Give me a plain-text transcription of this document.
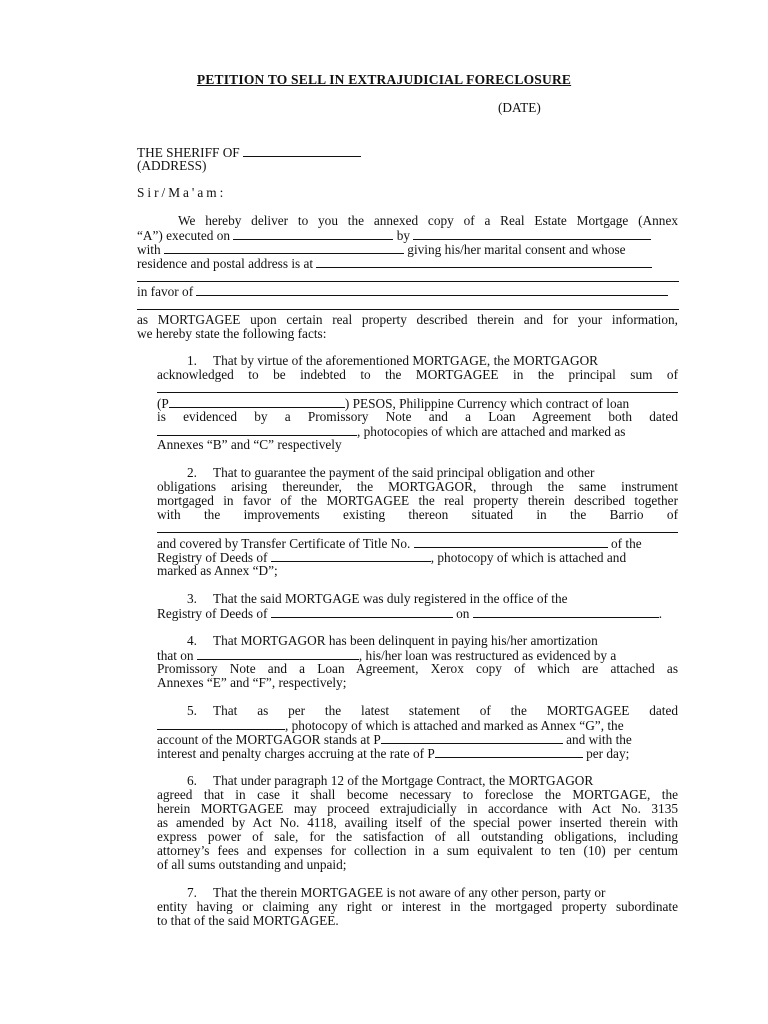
PETITION TO SELL IN EXTRAJUDICIAL FORECLOSURE
(DATE)
THE SHERIFF OF
(ADDRESS)
Sir/Ma'am:
We hereby deliver to you the annexed copy of a Real Estate Mortgage (Annex
“A”) executed on	by
with	giving his/her marital consent and whose
residence and postal address is at
in favor of
as MORTGAGEE upon certain real property described therein and for your information,
we hereby state the following facts:
1. That by virtue of the aforementioned MORTGAGE, the MORTGAGOR
acknowledged to be indebted to the MORTGAGEE in the principal sum of
(P	) PESOS, Philippine Currency which contract of loan
is evidenced by a Promissory Note and a Loan Agreement both dated
, photocopies of which are attached and marked as
Annexes “B” and “C” respectively
2. That to guarantee the payment of the said principal obligation and other
obligations arising thereunder, the MORTGAGOR, through the same instrument
mortgaged in favor of the MORTGAGEE the real property therein described together
with the improvements existing thereon situated in the Barrio of
and covered by Transfer Certificate of Title No.	of the
Registry of Deeds of	, photocopy of which is attached and
marked as Annex “D”;
3. That the said MORTGAGE was duly registered in the office of the
Registry of Deeds of	on	.
4. That MORTGAGOR has been delinquent in paying his/her amortization
that on	, his/her loan was restructured as evidenced by a
Promissory Note and a Loan Agreement, Xerox copy of which are attached as
Annexes “E” and “F”, respectively;
5. That as per the latest statement of the MORTGAGEE dated
, photocopy of which is attached and marked as Annex “G”, the
account of the MORTGAGOR stands at P	and with the
interest and penalty charges accruing at the rate of P	per day;
6. That under paragraph 12 of the Mortgage Contract, the MORTGAGOR
agreed that in case it shall become necessary to foreclose the MORTGAGE, the
herein MORTGAGEE may proceed extrajudicially in accordance with Act No. 3135
as amended by Act No. 4118, availing itself of the special power inserted therein with
express power of sale, for the satisfaction of all outstanding obligations, including
attorney’s fees and expenses for collection in a sum equivalent to ten (10) per centum
of all sums outstanding and unpaid;
7. That the therein MORTGAGEE is not aware of any other person, party or
entity having or claiming any right or interest in the mortgaged property subordinate
to that of the said MORTGAGEE.
